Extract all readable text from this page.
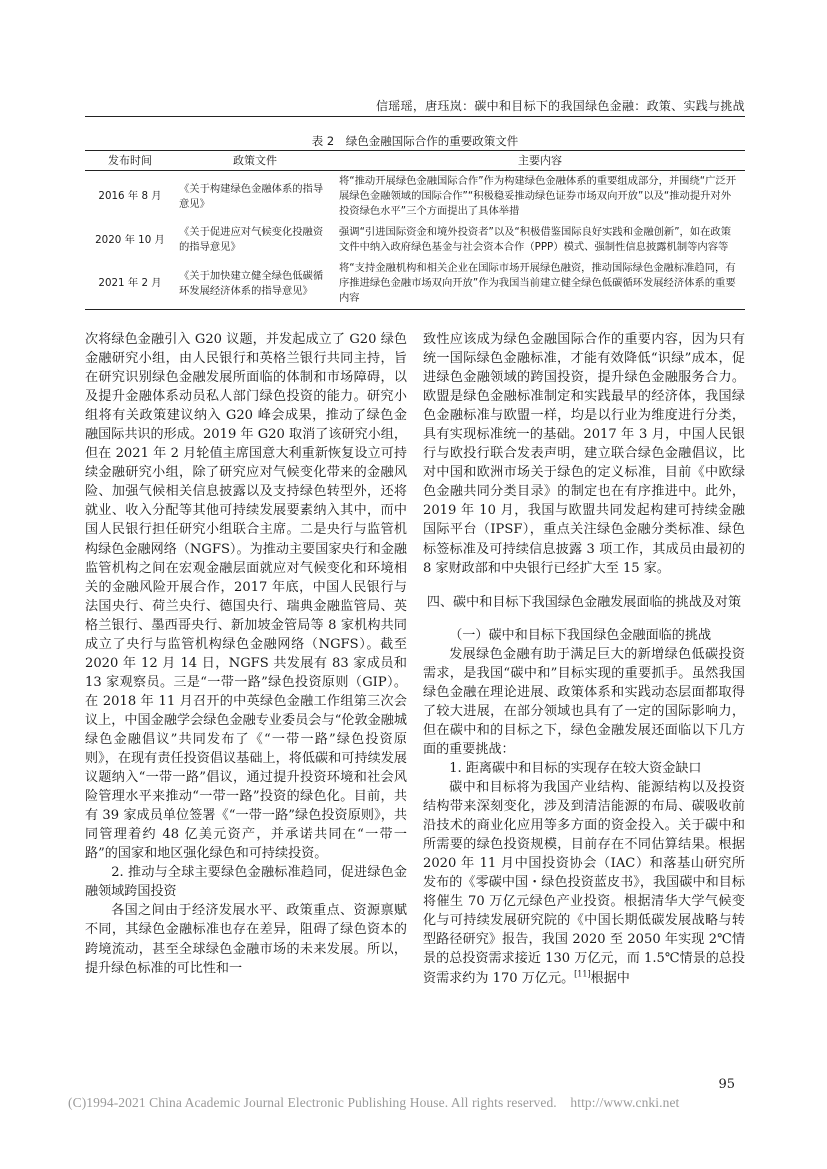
信瑶瑶，唐珏岚：碳中和目标下的我国绿色金融：政策、实践与挑战
表 2　绿色金融国际合作的重要政策文件
发布时间	政策文件	主要内容
2016 年 8 月	《关于构建绿色金融体系的指导意见》	将“推动开展绿色金融国际合作”作为构建绿色金融体系的重要组成部分，并围绕“广泛开展绿色金融领域的国际合作”“积极稳妥推动绿色证券市场双向开放”以及“推动提升对外投资绿色水平”三个方面提出了具体举措
2020 年 10 月	《关于促进应对气候变化投融资的指导意见》	强调“引进国际资金和境外投资者”以及“积极借鉴国际良好实践和金融创新”，如在政策文件中纳入政府绿色基金与社会资本合作（PPP）模式、强制性信息披露机制等内容等
2021 年 2 月	《关于加快建立健全绿色低碳循环发展经济体系的指导意见》	将“支持金融机构和相关企业在国际市场开展绿色融资，推动国际绿色金融标准趋同，有序推进绿色金融市场双向开放”作为我国当前建立健全绿色低碳循环发展经济体系的重要内容

次将绿色金融引入 G20 议题，并发起成立了 G20 绿色金融研究小组，由人民银行和英格兰银行共同主持，旨在研究识别绿色金融发展所面临的体制和市场障碍，以及提升金融体系动员私人部门绿色投资的能力。研究小组将有关政策建议纳入 G20 峰会成果，推动了绿色金融国际共识的形成。2019 年 G20 取消了该研究小组，但在 2021 年 2 月轮值主席国意大利重新恢复设立可持续金融研究小组，除了研究应对气候变化带来的金融风险、加强气候相关信息披露以及支持绿色转型外，还将就业、收入分配等其他可持续发展要素纳入其中，而中国人民银行担任研究小组联合主席。二是央行与监管机构绿色金融网络（NGFS）。为推动主要国家央行和金融监管机构之间在宏观金融层面就应对气候变化和环境相关的金融风险开展合作，2017 年底，中国人民银行与法国央行、荷兰央行、德国央行、瑞典金融监管局、英格兰银行、墨西哥央行、新加坡金管局等 8 家机构共同成立了央行与监管机构绿色金融网络（NGFS）。截至 2020 年 12 月 14 日，NGFS 共发展有 83 家成员和 13 家观察员。三是“一带一路”绿色投资原则（GIP）。在 2018 年 11 月召开的中英绿色金融工作组第三次会议上，中国金融学会绿色金融专业委员会与“伦敦金融城绿色金融倡议”共同发布了《“一带一路”绿色投资原则》，在现有责任投资倡议基础上，将低碳和可持续发展议题纳入“一带一路”倡议，通过提升投资环境和社会风险管理水平来推动“一带一路”投资的绿色化。目前，共有 39 家成员单位签署《“一带一路”绿色投资原则》，共同管理着约 48 亿美元资产，并承诺共同在“一带一路”的国家和地区强化绿色和可持续投资。

2. 推动与全球主要绿色金融标准趋同，促进绿色金融领域跨国投资

各国之间由于经济发展水平、政策重点、资源禀赋不同，其绿色金融标准也存在差异，阻碍了绿色资本的跨境流动，甚至全球绿色金融市场的未来发展。所以，提升绿色标准的可比性和一

致性应该成为绿色金融国际合作的重要内容，因为只有统一国际绿色金融标准，才能有效降低“识绿”成本，促进绿色金融领域的跨国投资，提升绿色金融服务合力。欧盟是绿色金融标准制定和实践最早的经济体，我国绿色金融标准与欧盟一样，均是以行业为维度进行分类，具有实现标准统一的基础。2017 年 3 月，中国人民银行与欧投行联合发表声明，建立联合绿色金融倡议，比对中国和欧洲市场关于绿色的定义标准，目前《中欧绿色金融共同分类目录》的制定也在有序推进中。此外，2019 年 10 月，我国与欧盟共同发起构建可持续金融国际平台（IPSF），重点关注绿色金融分类标准、绿色标签标准及可持续信息披露 3 项工作，其成员由最初的 8 家财政部和中央银行已经扩大至 15 家。

四、碳中和目标下我国绿色金融发展面临的挑战及对策

（一）碳中和目标下我国绿色金融面临的挑战

发展绿色金融有助于满足巨大的新增绿色低碳投资需求，是我国“碳中和”目标实现的重要抓手。虽然我国绿色金融在理论进展、政策体系和实践动态层面都取得了较大进展，在部分领域也具有了一定的国际影响力，但在碳中和的目标之下，绿色金融发展还面临以下几方面的重要挑战：

1. 距离碳中和目标的实现存在较大资金缺口

碳中和目标将为我国产业结构、能源结构以及投资结构带来深刻变化，涉及到清洁能源的布局、碳吸收前沿技术的商业化应用等多方面的资金投入。关于碳中和所需要的绿色投资规模，目前存在不同估算结果。根据 2020 年 11 月中国投资协会（IAC）和落基山研究所发布的《零碳中国・绿色投资蓝皮书》，我国碳中和目标将催生 70 万亿元绿色产业投资。根据清华大学气候变化与可持续发展研究院的《中国长期低碳发展战略与转型路径研究》报告，我国 2020 至 2050 年实现 2℃情景的总投资需求接近 130 万亿元，而 1.5℃情景的总投资需求约为 170 万亿元。[11]根据中

95
(C)1994-2021 China Academic Journal Electronic Publishing House. All rights reserved.　http://www.cnki.net
